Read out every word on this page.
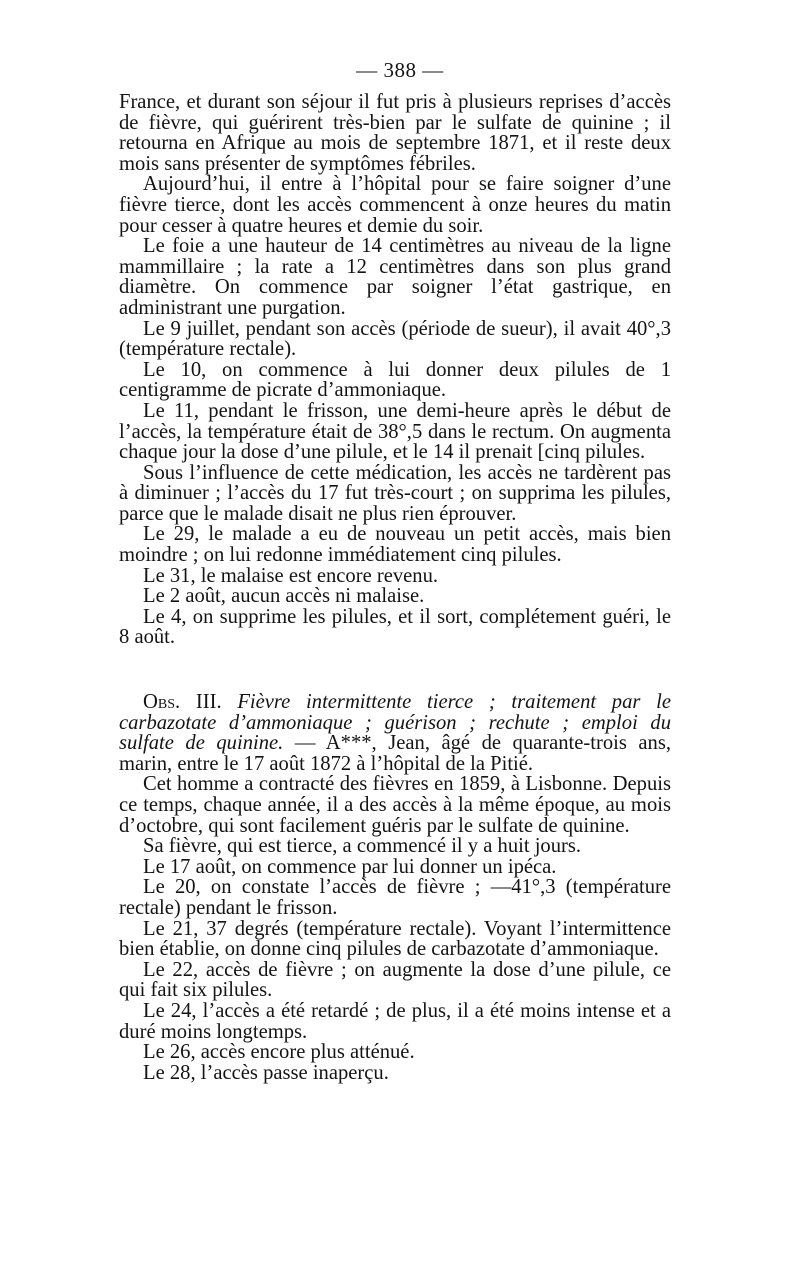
— 388 —

France, et durant son séjour il fut pris à plusieurs reprises d’accès de fièvre, qui guérirent très-bien par le sulfate de quinine ; il retourna en Afrique au mois de septembre 1871, et il reste deux mois sans présenter de symptômes fébriles.

Aujourd’hui, il entre à l’hôpital pour se faire soigner d’une fièvre tierce, dont les accès commencent à onze heures du matin pour cesser à quatre heures et demie du soir.

Le foie a une hauteur de 14 centimètres au niveau de la ligne mammillaire ; la rate a 12 centimètres dans son plus grand diamètre. On commence par soigner l’état gastrique, en administrant une purgation.

Le 9 juillet, pendant son accès (période de sueur), il avait 40°,3 (température rectale).

Le 10, on commence à lui donner deux pilules de 1 centigramme de picrate d’ammoniaque.

Le 11, pendant le frisson, une demi-heure après le début de l’accès, la température était de 38°,5 dans le rectum. On augmenta chaque jour la dose d’une pilule, et le 14 il prenait [cinq pilules.

Sous l’influence de cette médication, les accès ne tardèrent pas à diminuer ; l’accès du 17 fut très-court ; on supprima les pilules, parce que le malade disait ne plus rien éprouver.

Le 29, le malade a eu de nouveau un petit accès, mais bien moindre ; on lui redonne immédiatement cinq pilules.

Le 31, le malaise est encore revenu.

Le 2 août, aucun accès ni malaise.

Le 4, on supprime les pilules, et il sort, complétement guéri, le 8 août.

Obs. III. Fièvre intermittente tierce ; traitement par le carbazotate d’ammoniaque ; guérison ; rechute ; emploi du sulfate de quinine. — A***, Jean, âgé de quarante-trois ans, marin, entre le 17 août 1872 à l’hôpital de la Pitié.

Cet homme a contracté des fièvres en 1859, à Lisbonne. Depuis ce temps, chaque année, il a des accès à la même époque, au mois d’octobre, qui sont facilement guéris par le sulfate de quinine.

Sa fièvre, qui est tierce, a commencé il y a huit jours.

Le 17 août, on commence par lui donner un ipéca.

Le 20, on constate l’accès de fièvre ; —41°,3 (température rectale) pendant le frisson.

Le 21, 37 degrés (température rectale). Voyant l’intermittence bien établie, on donne cinq pilules de carbazotate d’ammoniaque.

Le 22, accès de fièvre ; on augmente la dose d’une pilule, ce qui fait six pilules.

Le 24, l’accès a été retardé ; de plus, il a été moins intense et a duré moins longtemps.

Le 26, accès encore plus atténué.

Le 28, l’accès passe inaperçu.
